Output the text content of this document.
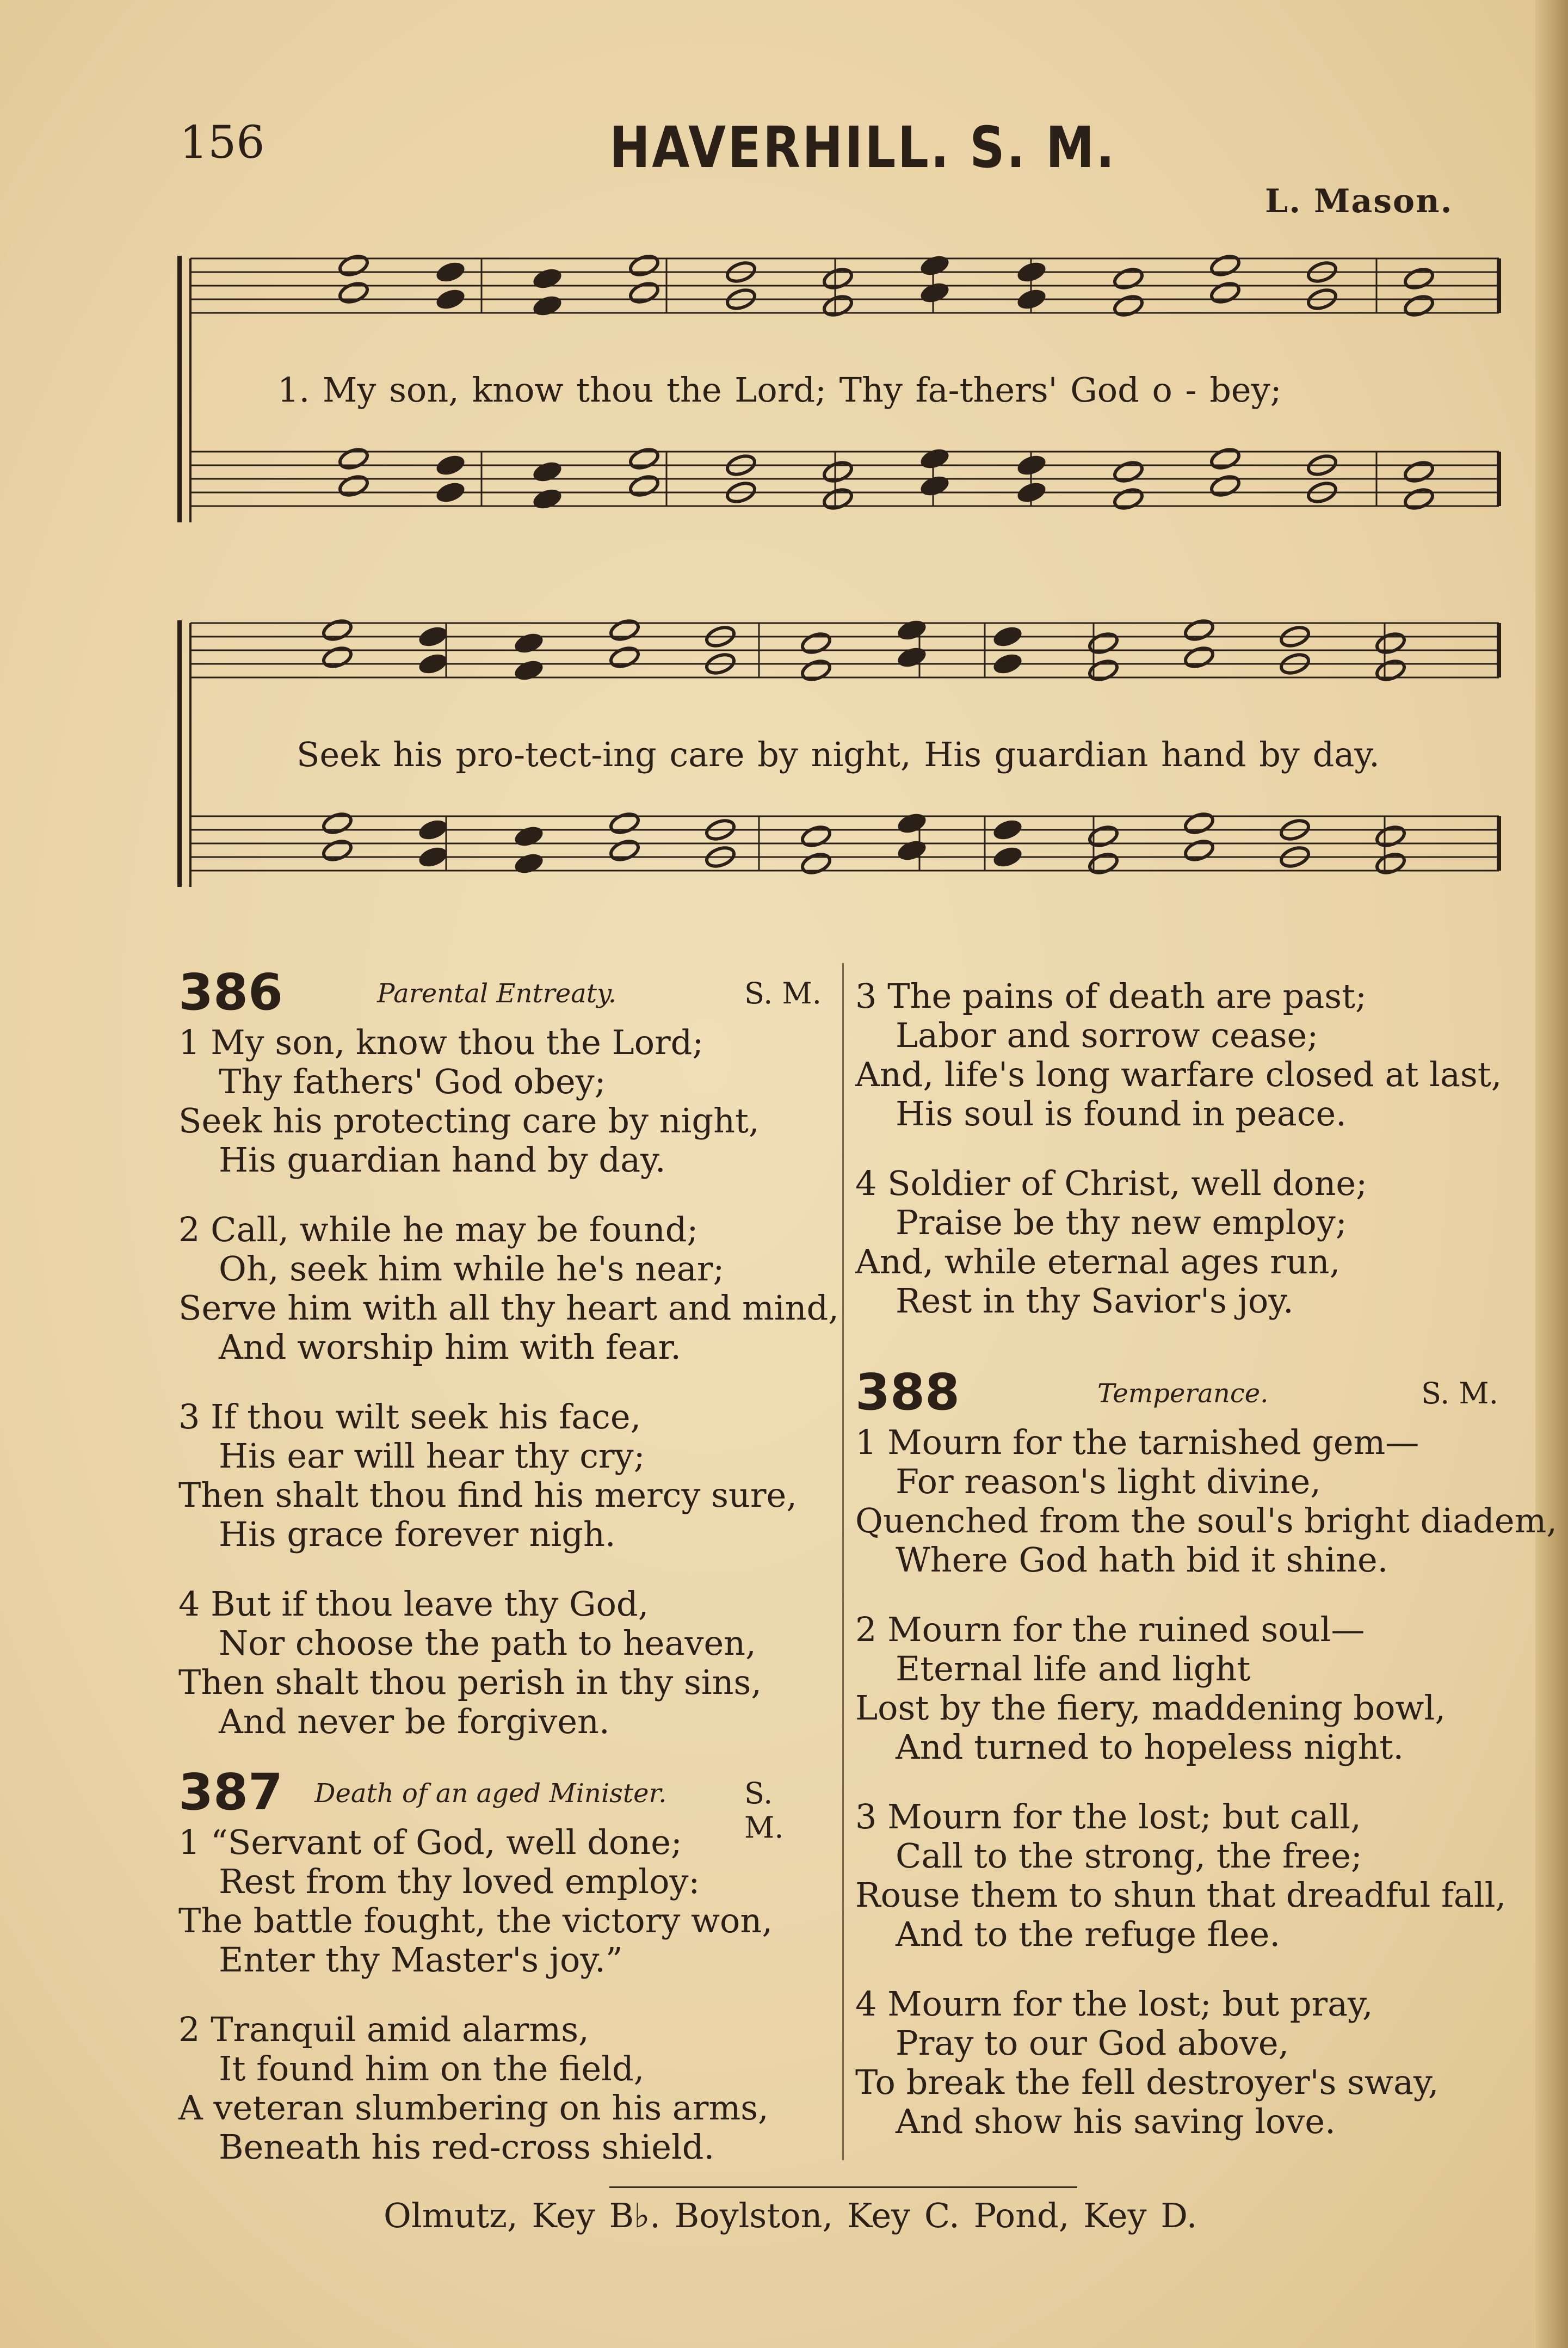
156	HAVERHILL. S. M.
L. Mason.
1. My son, know thou the Lord; Thy fa-thers' God o - bey;
Seek his pro-tect-ing care by night, His guardian hand by day.
386	Parental Entreaty.	S. M.
1 My son, know thou the Lord;
Thy fathers' God obey;
Seek his protecting care by night,
His guardian hand by day.
2 Call, while he may be found;
Oh, seek him while he's near;
Serve him with all thy heart and mind,
And worship him with fear.
3 If thou wilt seek his face,
His ear will hear thy cry;
Then shalt thou find his mercy sure,
His grace forever nigh.
4 But if thou leave thy God,
Nor choose the path to heaven,
Then shalt thou perish in thy sins,
And never be forgiven.
387 Death of an aged Minister.	S. M.
1 “Servant of God, well done;
Rest from thy loved employ:
The battle fought, the victory won,
Enter thy Master's joy.”
2 Tranquil amid alarms,
It found him on the field,
A veteran slumbering on his arms,
Beneath his red-cross shield.
3 The pains of death are past;
Labor and sorrow cease;
And, life's long warfare closed at last,
His soul is found in peace.
4 Soldier of Christ, well done;
Praise be thy new employ;
And, while eternal ages run,
Rest in thy Savior's joy.
388	Temperance.	S. M.
1 Mourn for the tarnished gem—
For reason's light divine,
Quenched from the soul's bright diadem,
Where God hath bid it shine.
2 Mourn for the ruined soul—
Eternal life and light
Lost by the fiery, maddening bowl,
And turned to hopeless night.
3 Mourn for the lost; but call,
Call to the strong, the free;
Rouse them to shun that dreadful fall,
And to the refuge flee.
4 Mourn for the lost; but pray,
Pray to our God above,
To break the fell destroyer's sway,
And show his saving love.
Olmutz, Key B♭. Boylston, Key C. Pond, Key D.
